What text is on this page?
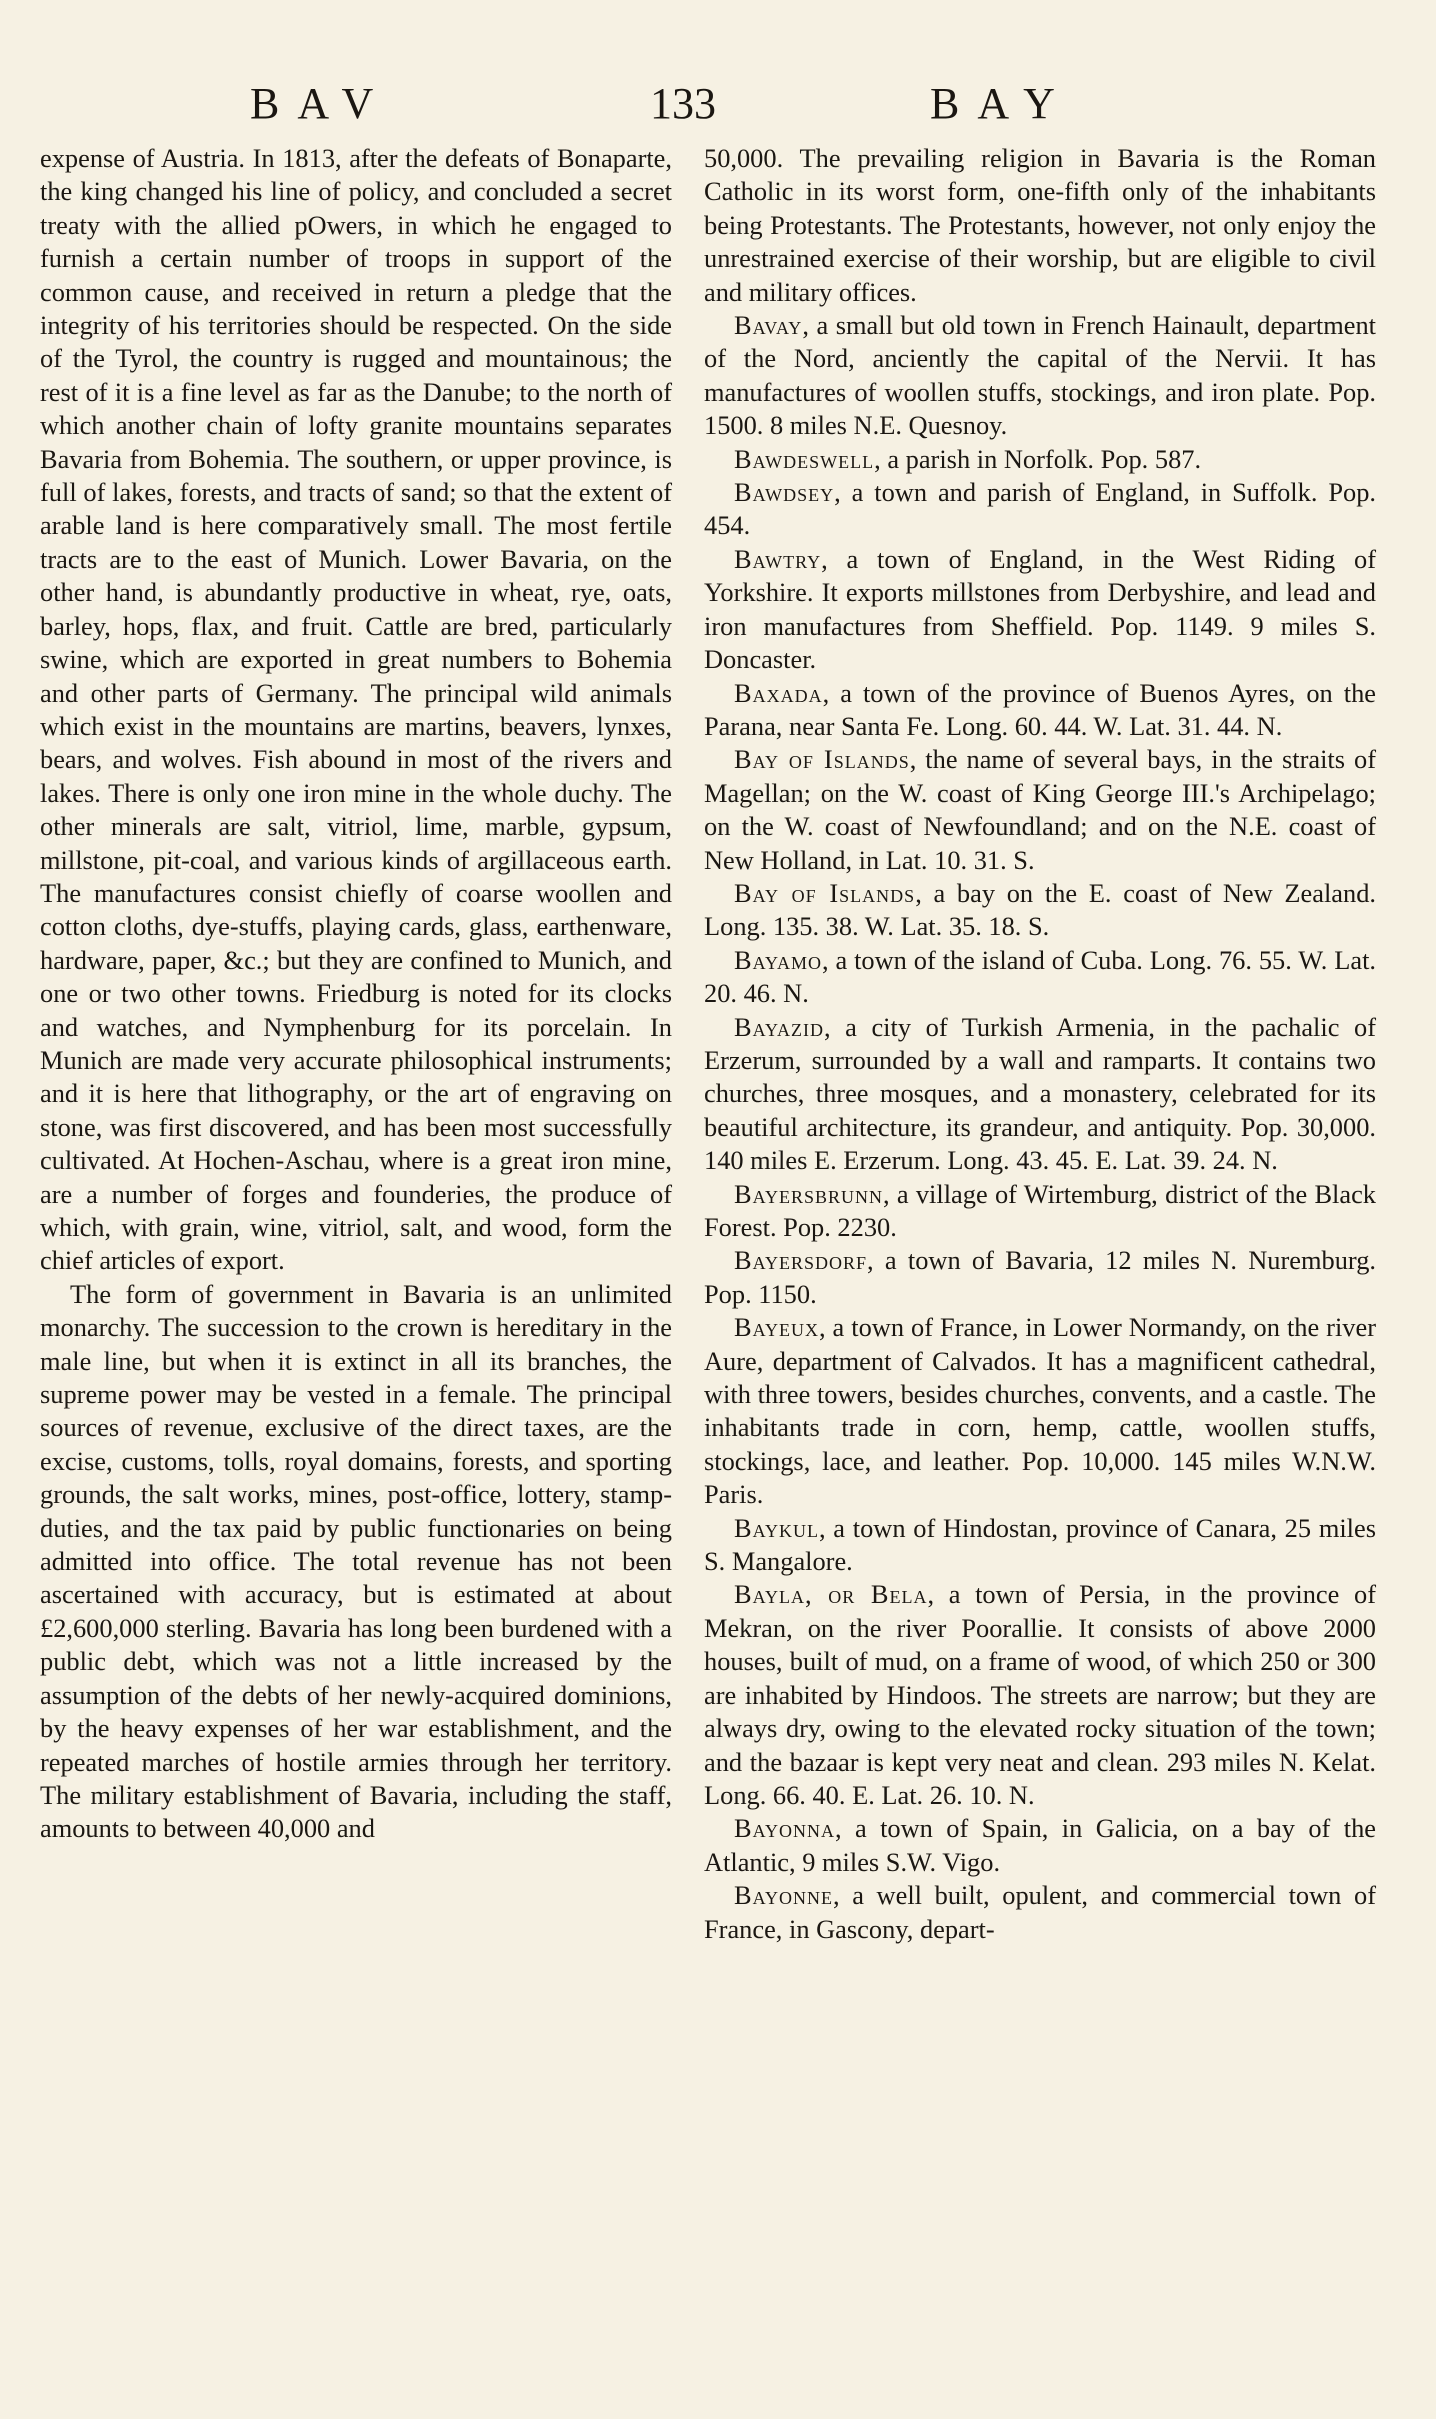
BAV	133	BAY

expense of Austria. In 1813, after the defeats of Bonaparte, the king changed his line of policy, and concluded a secret treaty with the allied pOwers, in which he engaged to furnish a certain number of troops in support of the common cause, and received in return a pledge that the integrity of his territories should be respected. On the side of the Tyrol, the country is rugged and mountainous; the rest of it is a fine level as far as the Danube; to the north of which another chain of lofty granite mountains separates Bavaria from Bohemia. The southern, or upper province, is full of lakes, forests, and tracts of sand; so that the extent of arable land is here comparatively small. The most fertile tracts are to the east of Munich. Lower Bavaria, on the other hand, is abundantly productive in wheat, rye, oats, barley, hops, flax, and fruit. Cattle are bred, particularly swine, which are exported in great numbers to Bohemia and other parts of Germany. The principal wild animals which exist in the mountains are martins, beavers, lynxes, bears, and wolves. Fish abound in most of the rivers and lakes. There is only one iron mine in the whole duchy. The other minerals are salt, vitriol, lime, marble, gypsum, millstone, pit-coal, and various kinds of argillaceous earth. The manufactures consist chiefly of coarse woollen and cotton cloths, dye-stuffs, playing cards, glass, earthenware, hardware, paper, &c.; but they are confined to Munich, and one or two other towns. Friedburg is noted for its clocks and watches, and Nymphenburg for its porcelain. In Munich are made very accurate philosophical instruments; and it is here that lithography, or the art of engraving on stone, was first discovered, and has been most successfully cultivated. At Hochen-Aschau, where is a great iron mine, are a number of forges and founderies, the produce of which, with grain, wine, vitriol, salt, and wood, form the chief articles of export.

The form of government in Bavaria is an unlimited monarchy. The succession to the crown is hereditary in the male line, but when it is extinct in all its branches, the supreme power may be vested in a female. The principal sources of revenue, exclusive of the direct taxes, are the excise, customs, tolls, royal domains, forests, and sporting grounds, the salt works, mines, post-office, lottery, stamp-duties, and the tax paid by public functionaries on being admitted into office. The total revenue has not been ascertained with accuracy, but is estimated at about £2,600,000 sterling. Bavaria has long been burdened with a public debt, which was not a little increased by the assumption of the debts of her newly-acquired dominions, by the heavy expenses of her war establishment, and the repeated marches of hostile armies through her territory. The military establishment of Bavaria, including the staff, amounts to between 40,000 and

50,000. The prevailing religion in Bavaria is the Roman Catholic in its worst form, one-fifth only of the inhabitants being Protestants. The Protestants, however, not only enjoy the unrestrained exercise of their worship, but are eligible to civil and military offices.

Bavay, a small but old town in French Hainault, department of the Nord, anciently the capital of the Nervii. It has manufactures of woollen stuffs, stockings, and iron plate. Pop. 1500. 8 miles N.E. Quesnoy.

Bawdeswell, a parish in Norfolk. Pop. 587.

Bawdsey, a town and parish of England, in Suffolk. Pop. 454.

Bawtry, a town of England, in the West Riding of Yorkshire. It exports millstones from Derbyshire, and lead and iron manufactures from Sheffield. Pop. 1149. 9 miles S. Doncaster.

Baxada, a town of the province of Buenos Ayres, on the Parana, near Santa Fe. Long. 60. 44. W. Lat. 31. 44. N.

Bay of Islands, the name of several bays, in the straits of Magellan; on the W. coast of King George III.'s Archipelago; on the W. coast of Newfoundland; and on the N.E. coast of New Holland, in Lat. 10. 31. S.

Bay of Islands, a bay on the E. coast of New Zealand. Long. 135. 38. W. Lat. 35. 18. S.

Bayamo, a town of the island of Cuba. Long. 76. 55. W. Lat. 20. 46. N.

Bayazid, a city of Turkish Armenia, in the pachalic of Erzerum, surrounded by a wall and ramparts. It contains two churches, three mosques, and a monastery, celebrated for its beautiful architecture, its grandeur, and antiquity. Pop. 30,000. 140 miles E. Erzerum. Long. 43. 45. E. Lat. 39. 24. N.

Bayersbrunn, a village of Wirtemburg, district of the Black Forest. Pop. 2230.

Bayersdorf, a town of Bavaria, 12 miles N. Nuremburg. Pop. 1150.

Bayeux, a town of France, in Lower Normandy, on the river Aure, department of Calvados. It has a magnificent cathedral, with three towers, besides churches, convents, and a castle. The inhabitants trade in corn, hemp, cattle, woollen stuffs, stockings, lace, and leather. Pop. 10,000. 145 miles W.N.W. Paris.

Baykul, a town of Hindostan, province of Canara, 25 miles S. Mangalore.

Bayla, or Bela, a town of Persia, in the province of Mekran, on the river Poorallie. It consists of above 2000 houses, built of mud, on a frame of wood, of which 250 or 300 are inhabited by Hindoos. The streets are narrow; but they are always dry, owing to the elevated rocky situation of the town; and the bazaar is kept very neat and clean. 293 miles N. Kelat. Long. 66. 40. E. Lat. 26. 10. N.

Bayonna, a town of Spain, in Galicia, on a bay of the Atlantic, 9 miles S.W. Vigo.

Bayonne, a well built, opulent, and commercial town of France, in Gascony, depart-
